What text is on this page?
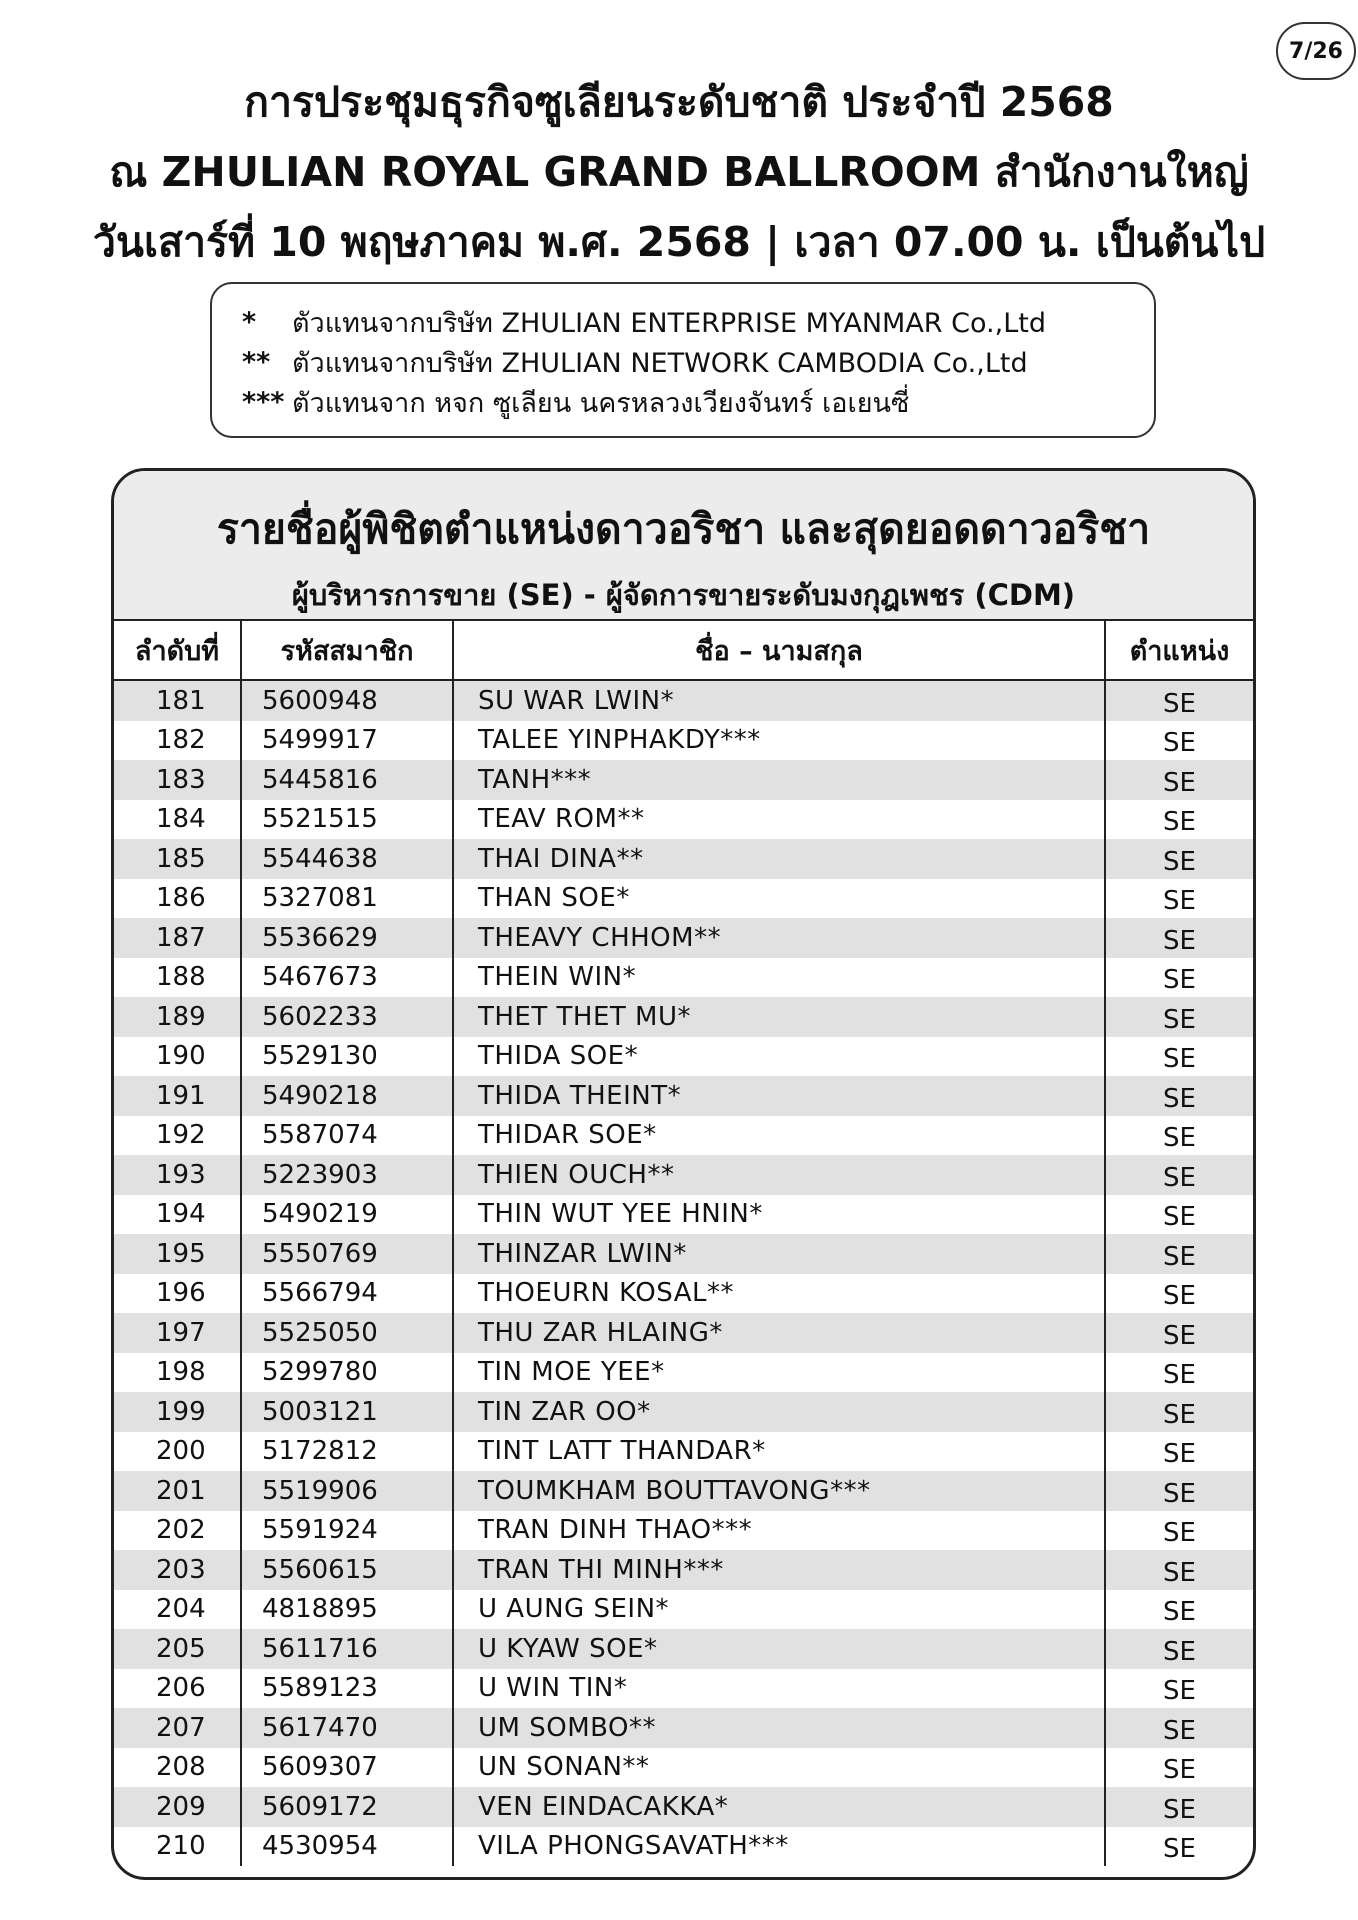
7/26
การประชุมธุรกิจซูเลียนระดับชาติ ประจำปี 2568
ณ ZHULIAN ROYAL GRAND BALLROOM สำนักงานใหญ่
วันเสาร์ที่ 10 พฤษภาคม พ.ศ. 2568 | เวลา 07.00 น. เป็นต้นไป
*	ตัวแทนจากบริษัท ZHULIAN ENTERPRISE MYANMAR Co.,Ltd
** ตัวแทนจากบริษัท ZHULIAN NETWORK CAMBODIA Co.,Ltd
*** ตัวแทนจาก หจก ซูเลียน นครหลวงเวียงจันทร์ เอเยนซี่
รายชื่อผู้พิชิตตำแหน่งดาวอริชา และสุดยอดดาวอริชา
ผู้บริหารการขาย (SE) - ผู้จัดการขายระดับมงกุฎเพชร (CDM)
ลำดับที่	รหัสสมาชิก	ชื่อ – นามสกุล	ตำแหน่ง
181	5600948	SU WAR LWIN*	SE
182	5499917	TALEE YINPHAKDY***	SE
183	5445816	TANH***	SE
184	5521515	TEAV ROM**	SE
185	5544638	THAI DINA**	SE
186	5327081	THAN SOE*	SE
187	5536629	THEAVY CHHOM**	SE
188	5467673	THEIN WIN*	SE
189	5602233	THET THET MU*	SE
190	5529130	THIDA SOE*	SE
191	5490218	THIDA THEINT*	SE
192	5587074	THIDAR SOE*	SE
193	5223903	THIEN OUCH**	SE
194	5490219	THIN WUT YEE HNIN*	SE
195	5550769	THINZAR LWIN*	SE
196	5566794	THOEURN KOSAL**	SE
197	5525050	THU ZAR HLAING*	SE
198	5299780	TIN MOE YEE*	SE
199	5003121	TIN ZAR OO*	SE
200	5172812	TINT LATT THANDAR*	SE
201	5519906	TOUMKHAM BOUTTAVONG***	SE
202	5591924	TRAN DINH THAO***	SE
203	5560615	TRAN THI MINH***	SE
204	4818895	U AUNG SEIN*	SE
205	5611716	U KYAW SOE*	SE
206	5589123	U WIN TIN*	SE
207	5617470	UM SOMBO**	SE
208	5609307	UN SONAN**	SE
209	5609172	VEN EINDACAKKA*	SE
210	4530954	VILA PHONGSAVATH***	SE
